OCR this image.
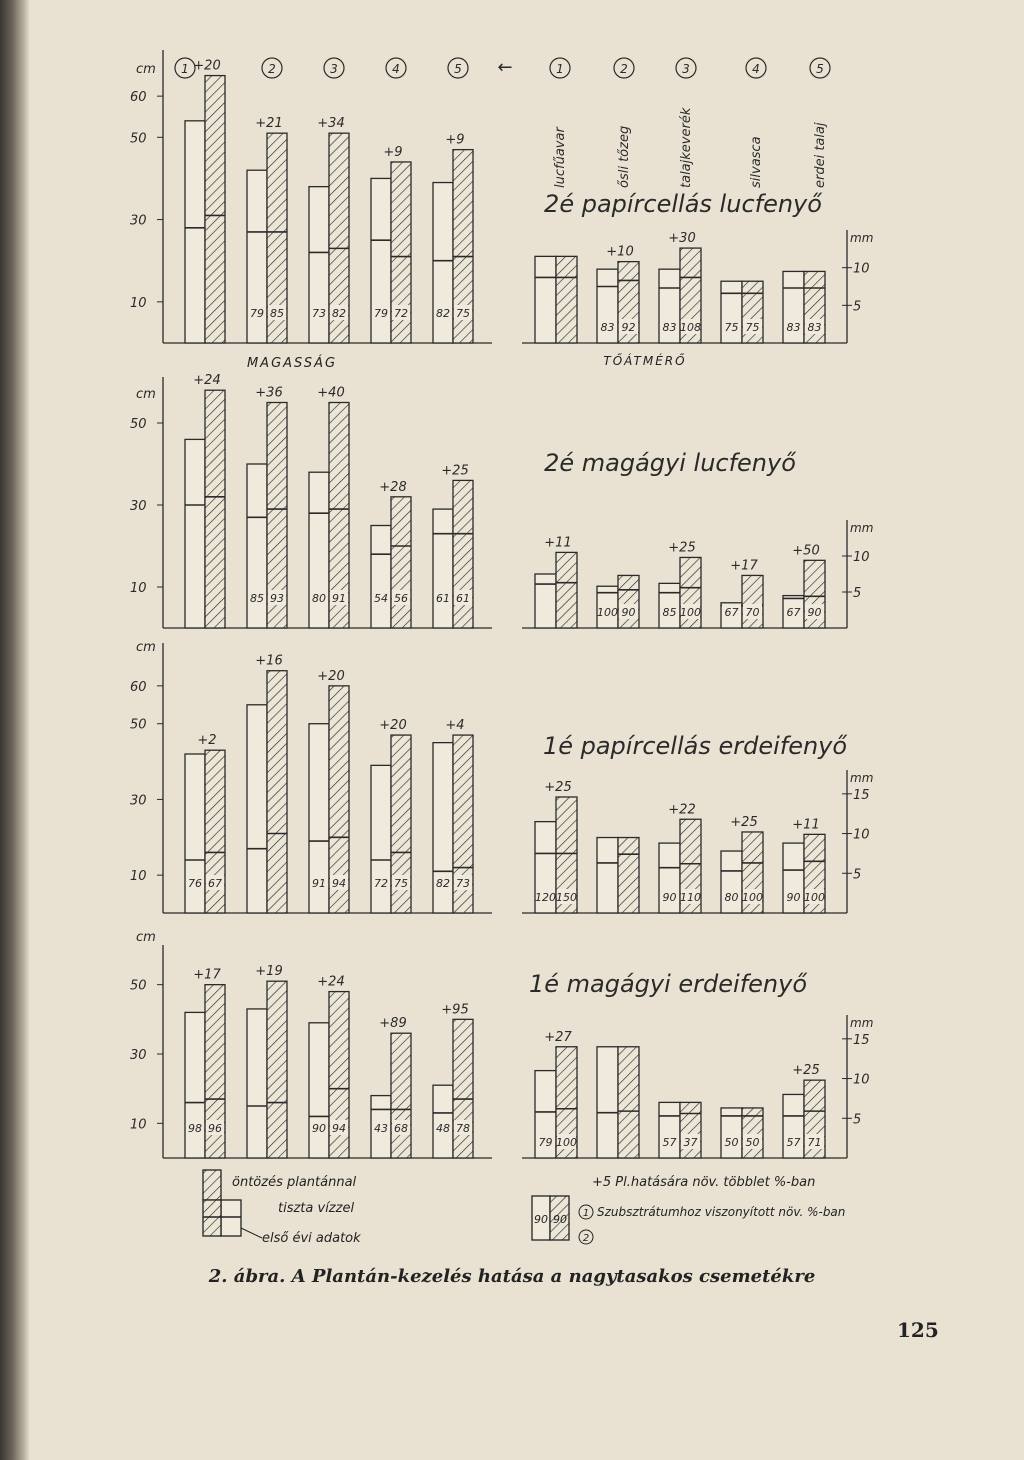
cm
10
30
50
60
+20
+21
79 85
+34
73 82
+9
79 72
+9
82 75
2é papírcellás lucfenyő
mm
5
10
+10
83 92
+30
83 108 75 75 83 83
cm
10
30
50
+24
+36
85 93
+40
80 91
+28
54 56
+25
61 61
2é magágyi lucfenyő
mm
5
10
+11
100 90
+25
85 100
+17
67 70
+50
67 90
cm
10
30
50
60
+2
76 67
+16
+20
91 94
+20
72 75
+4
82 73
1é papírcellás erdeifenyő
mm
5
10
15
+25
120 150
+22
90 110
+25
80 100
+11
90 100
cm
10
30
50
+17
98 96
+19
+24
90 94
+89
43 68
+95
48 78
1é magágyi erdeifenyő
mm
5
10
15
+27
79 100	57 37 50 50
+25
57 71
1	2	3	4	5 ←	1	2	3	4	5
lucfűavar	ősli tőzeg	talajkeverék	silvasca	erdei talaj
MAGASSÁG	TŐÁTMÉRŐ
öntözés plantánnal
tiszta vízzel
első évi adatok
+5 Pl.hatására növ. többlet %-ban
90 90 1
2
Szubsztrátumhoz viszonyított növ. %-ban
2. ábra. A Plantán-kezelés hatása a nagytasakos csemetékre
125
